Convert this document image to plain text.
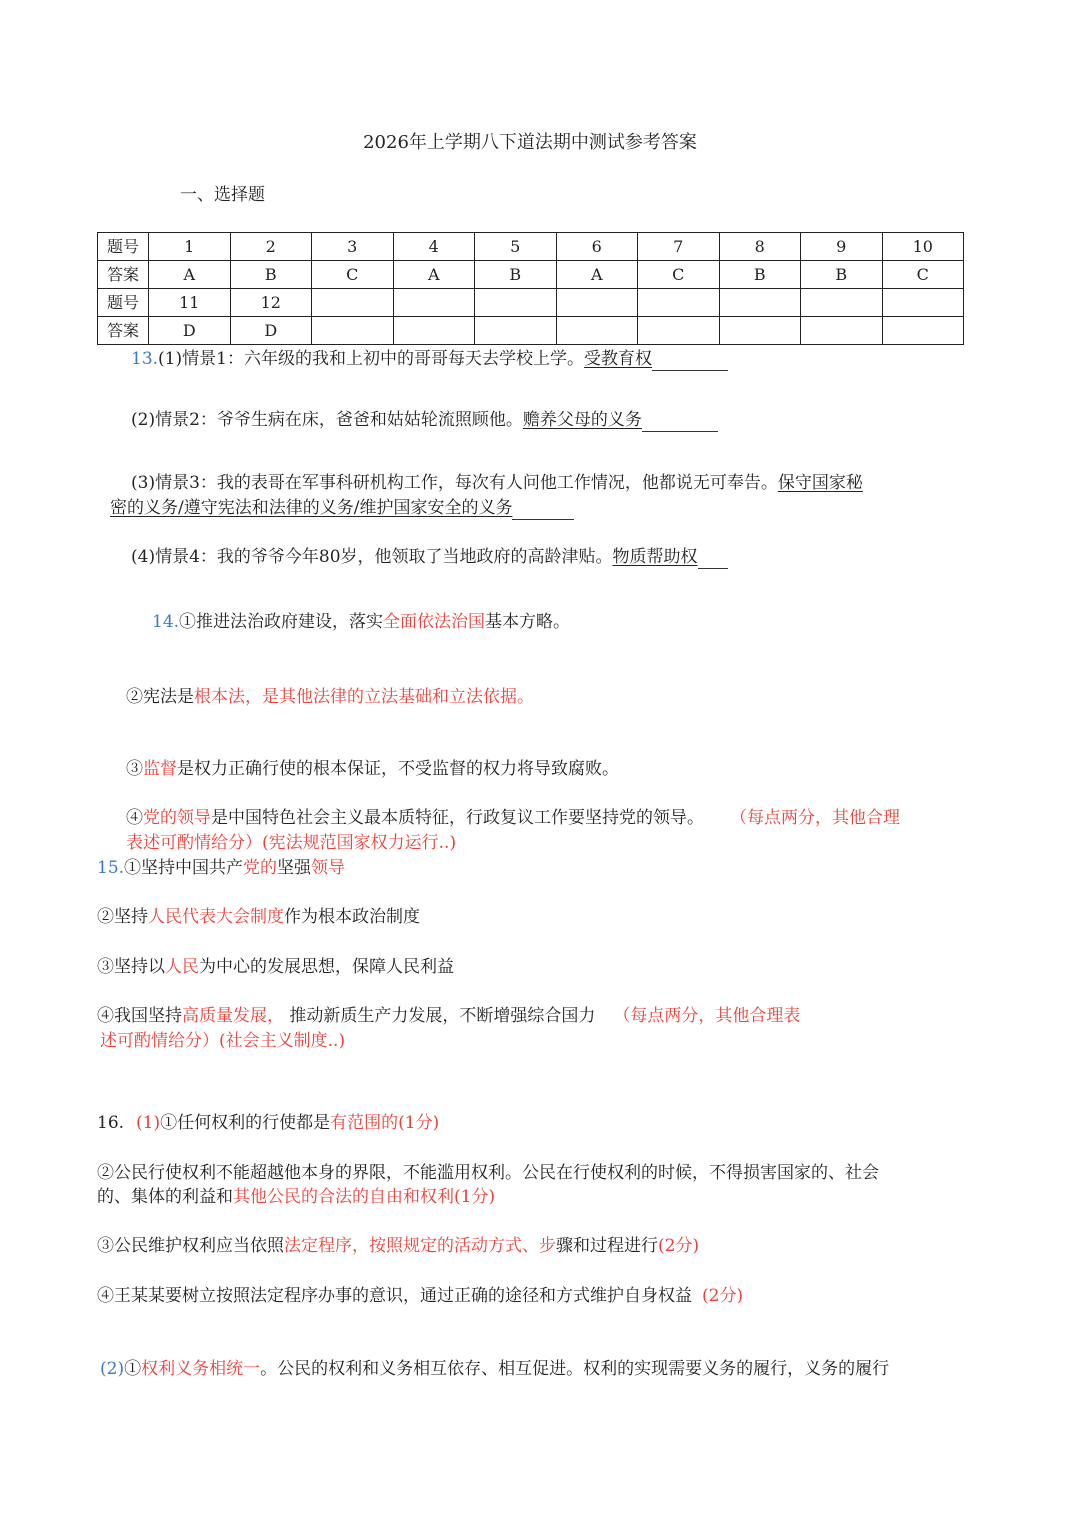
2026年上学期八下道法期中测试参考答案
一、选择题
题号	1	2	3	4	5	6	7	8	9	10
答案	A	B	C	A	B	A	C	B	B	C
题号	11	12								
答案	D	D								
13.(1)情景1：六年级的我和上初中的哥哥每天去学校上学。受教育权
(2)情景2：爷爷生病在床，爸爸和姑姑轮流照顾他。赡养父母的义务
(3)情景3：我的表哥在军事科研机构工作，每次有人问他工作情况，他都说无可奉告。保守国家秘
密的义务/遵守宪法和法律的义务/维护国家安全的义务
(4)情景4：我的爷爷今年80岁，他领取了当地政府的高龄津贴。物质帮助权
14.①推进法治政府建设，落实全面依法治国基本方略。
②宪法是根本法，是其他法律的立法基础和立法依据。
③监督是权力正确行使的根本保证，不受监督的权力将导致腐败。
④党的领导是中国特色社会主义最本质特征，行政复议工作要坚持党的领导。 （每点两分，其他合理
表述可酌情给分）(宪法规范国家权力运行..)
15.①坚持中国共产党的坚强领导
②坚持人民代表大会制度作为根本政治制度
③坚持以人民为中心的发展思想，保障人民利益
④我国坚持高质量发展， 推动新质生产力发展，不断增强综合国力 （每点两分，其他合理表
述可酌情给分）(社会主义制度..)
16. (1)①任何权利的行使都是有范围的(1分)
②公民行使权利不能超越他本身的界限，不能滥用权利。公民在行使权利的时候，不得损害国家的、社会
的、集体的利益和其他公民的合法的自由和权利(1分)
③公民维护权利应当依照法定程序，按照规定的活动方式、步骤和过程进行(2分)
④王某某要树立按照法定程序办事的意识，通过正确的途径和方式维护自身权益 (2分)
(2)①权利义务相统一。公民的权利和义务相互依存、相互促进。权利的实现需要义务的履行，义务的履行
